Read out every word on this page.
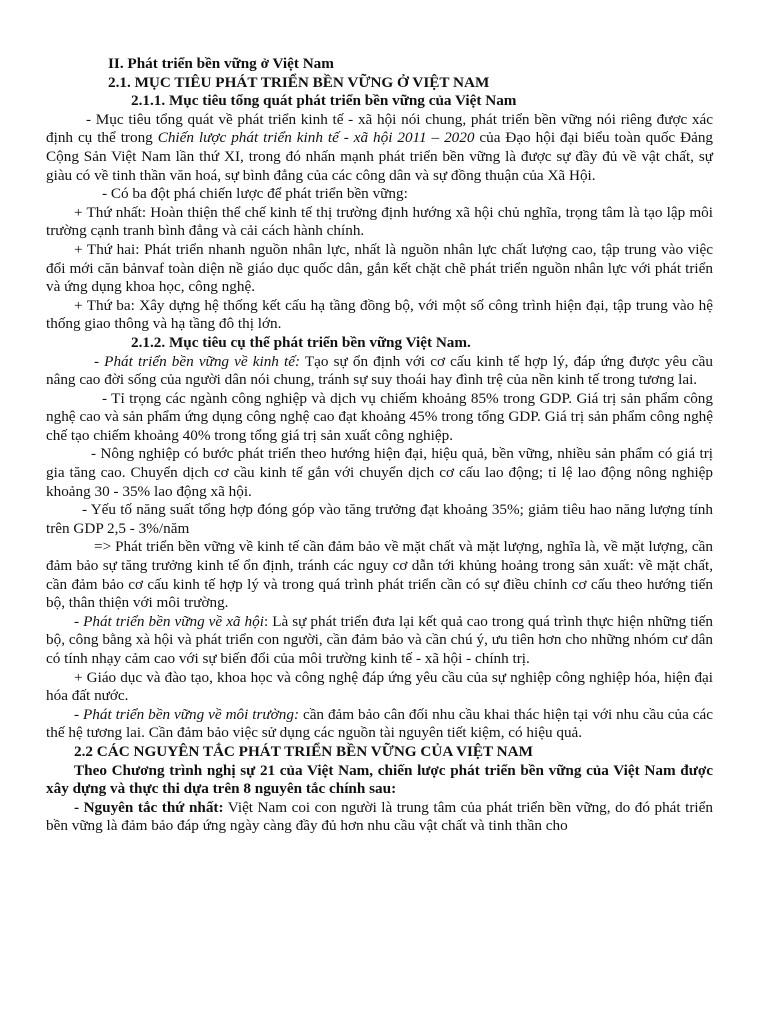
II. Phát triển bền vững ở Việt Nam

2.1. MỤC TIÊU PHÁT TRIỂN BỀN VỮNG Ở VIỆT NAM

2.1.1. Mục tiêu tổng quát phát triển bền vững của Việt Nam

- Mục tiêu tổng quát về phát triển kinh tế - xã hội nói chung, phát triển bền vững nói riêng được xác định cụ thể trong Chiến lược phát triển kinh tế - xã hội 2011 – 2020 của Đạo hội đại biểu toàn quốc Đảng Cộng Sản Việt Nam lần thứ XI, trong đó nhấn mạnh phát triển bền vững là được sự đầy đủ về vật chất, sự giàu có về tinh thần văn hoá, sự bình đẳng của các công dân và sự đồng thuận của Xã Hội.

- Có ba đột phá chiến lược để phát triển bền vững:

+ Thứ nhất: Hoàn thiện thể chế kinh tế thị trường định hướng xã hội chủ nghĩa, trọng tâm là tạo lập môi trường cạnh tranh bình đẳng và cải cách hành chính.

+ Thứ hai: Phát triển nhanh nguồn nhân lực, nhất là nguồn nhân lực chất lượng cao, tập trung vào việc đổi mới căn bảnvaf toàn diện nề giáo dục quốc dân, gắn kết chặt chẽ phát triển nguồn nhân lực với phát triển và ứng dụng khoa học, công nghệ.

+ Thứ ba: Xây dựng hệ thống kết cấu hạ tầng đồng bộ, với một số công trình hiện đại, tập trung vào hệ thống giao thông và hạ tầng đô thị lớn.

2.1.2. Mục tiêu cụ thể phát triển bền vững Việt Nam.

- Phát triển bền vững về kinh tế: Tạo sự ổn định với cơ cấu kinh tế hợp lý, đáp ứng được yêu cầu nâng cao đời sống của người dân nói chung, tránh sự suy thoái hay đình trệ của nền kinh tế trong tương lai.

- Tỉ trọng các ngành công nghiệp và dịch vụ chiếm khoảng 85% trong GDP. Giá trị sản phẩm công nghệ cao và sản phẩm ứng dụng công nghệ cao đạt khoảng 45% trong tổng GDP. Giá trị sản phẩm công nghệ chế tạo chiếm khoảng 40% trong tổng giá trị sản xuất công nghiệp.

- Nông nghiệp có bước phát triển theo hướng hiện đại, hiệu quả, bền vững, nhiều sản phẩm có giá trị gia tăng cao. Chuyển dịch cơ cầu kinh tế gắn với chuyển dịch cơ cấu lao động; tỉ lệ lao động nông nghiệp khoảng 30 - 35% lao động xã hội.

- Yếu tố năng suất tổng hợp đóng góp vào tăng trưởng đạt khoảng 35%; giảm tiêu hao năng lượng tính trên GDP 2,5 - 3%/năm

=> Phát triển bền vững về kinh tế cần đảm bảo về mặt chất và mặt lượng, nghĩa là, về mặt lượng, cần đảm bảo sự tăng trưởng kinh tế ổn định, tránh các nguy cơ dẫn tới khủng hoảng trong sản xuất: về mặt chất, cần đảm bảo cơ cấu kinh tế hợp lý và trong quá trình phát triển cần có sự điều chỉnh cơ cấu theo hướng tiến bộ, thân thiện với môi trường.

- Phát triển bền vững về xã hội: Là sự phát triển đưa lại kết quả cao trong quá trình thực hiện những tiến bộ, công bằng xà hội và phát triển con người, cần đảm bảo và cần chú ý, ưu tiên hơn cho những nhóm cư dân có tính nhạy cảm cao với sự biến đổi của môi trường kinh tế - xã hội - chính trị.

+ Giáo dục và đào tạo, khoa học và công nghệ đáp ứng yêu cầu của sự nghiệp công nghiệp hóa, hiện đại hóa đất nước.

- Phát triển bền vững về môi trường: cần đảm bảo cân đối nhu cầu khai thác hiện tại với nhu cầu của các thế hệ tương lai. Cần đảm bảo việc sử dụng các nguồn tài nguyên tiết kiệm, có hiệu quả.

2.2 CÁC NGUYÊN TẮC PHÁT TRIỂN BỀN VỮNG CỦA VIỆT NAM

Theo Chương trình nghị sự 21 của Việt Nam, chiến lược phát triển bền vững của Việt Nam được xây dựng và thực thi dựa trên 8 nguyên tắc chính sau:

- Nguyên tắc thứ nhất: Việt Nam coi con người là trung tâm của phát triển bền vững, do đó phát triển bền vững là đảm bảo đáp ứng ngày càng đầy đủ hơn nhu cầu vật chất và tinh thần cho
